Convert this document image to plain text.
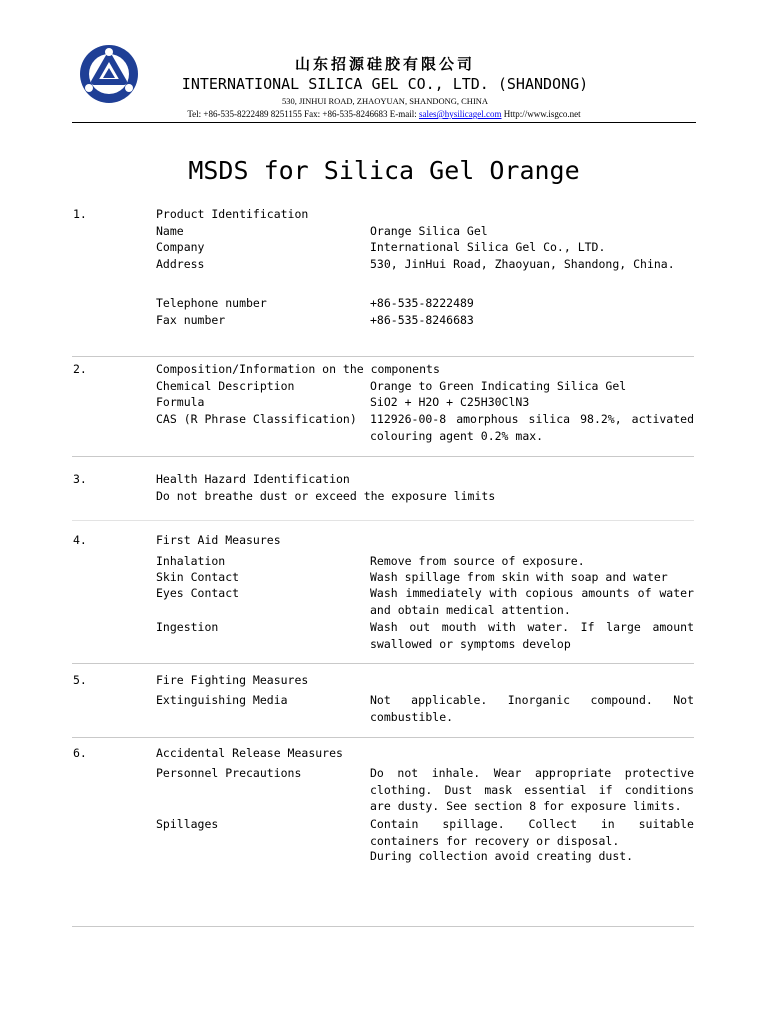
山东招源硅胶有限公司
INTERNATIONAL SILICA GEL CO., LTD. (SHANDONG)
530, JINHUI ROAD, ZHAOYUAN, SHANDONG, CHINA
Tel: +86-535-8222489 8251155 Fax: +86-535-8246683 E-mail: sales@hysilicagel.com Http://www.isgco.net
MSDS for Silica Gel Orange
1.	Product Identification
Name	Orange Silica Gel
Company	International Silica Gel Co., LTD.
Address	530, JinHui Road, Zhaoyuan, Shandong, China.
Telephone number	+86-535-8222489
Fax number	+86-535-8246683
2.	Composition/Information on the components
Chemical Description	Orange to Green Indicating Silica Gel
Formula	SiO2 + H2O + C25H30ClN3
CAS (R Phrase Classification) 112926-00-8 amorphous silica 98.2%, activated colouring agent 0.2% max.
3.	Health Hazard Identification
Do not breathe dust or exceed the exposure limits
4.	First Aid Measures
Inhalation	Remove from source of exposure.
Skin Contact	Wash spillage from skin with soap and water
Eyes Contact	Wash immediately with copious amounts of water and obtain medical attention.
Ingestion	Wash out mouth with water. If large amount swallowed or symptoms develop
5.	Fire Fighting Measures
Extinguishing Media	Not applicable. Inorganic compound. Not combustible.
6.	Accidental Release Measures
Personnel Precautions	Do not inhale. Wear appropriate protective clothing. Dust mask essential if conditions are dusty. See section 8 for exposure limits.
Spillages	Contain spillage. Collect in suitable containers for recovery or disposal.
During collection avoid creating dust.
